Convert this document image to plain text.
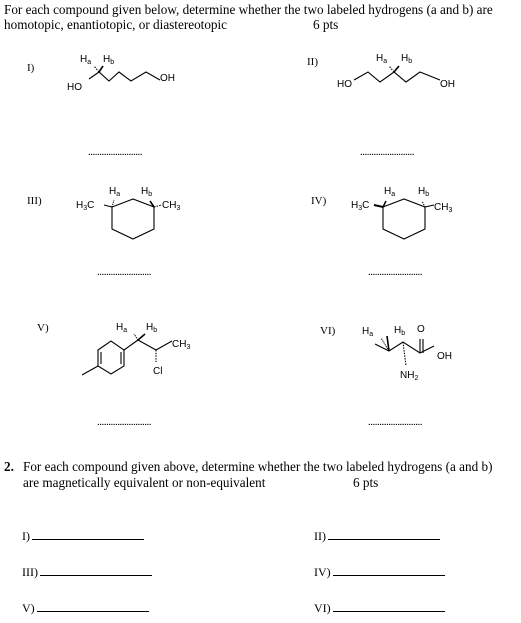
For each compound given below, determine whether the two labeled hydrogens (a and b) are
homotopic, enantiotopic, or diastereotopic	6 pts
I)	II)
III)	IV)
V)	VI)
........................	........................
........................	........................
........................	........................
$H_a$ $H_b$
HO
OH
$H_a$ $H_b$
HO	OH
$H_3C$
$H_a$ $H_b$
$CH_3$	$H_3C$
$H_a$ $H_b$
$CH_3$
$H_a$ $H_b$
$CH_3$
Cl
$H_a$ $H_b$ O
OH
$NH_2$
2. For each compound given above, determine whether the two labeled hydrogens (a and b)
are magnetically equivalent or non-equivalent	6 pts
I)	II)
III)	IV)
V)	VI)
